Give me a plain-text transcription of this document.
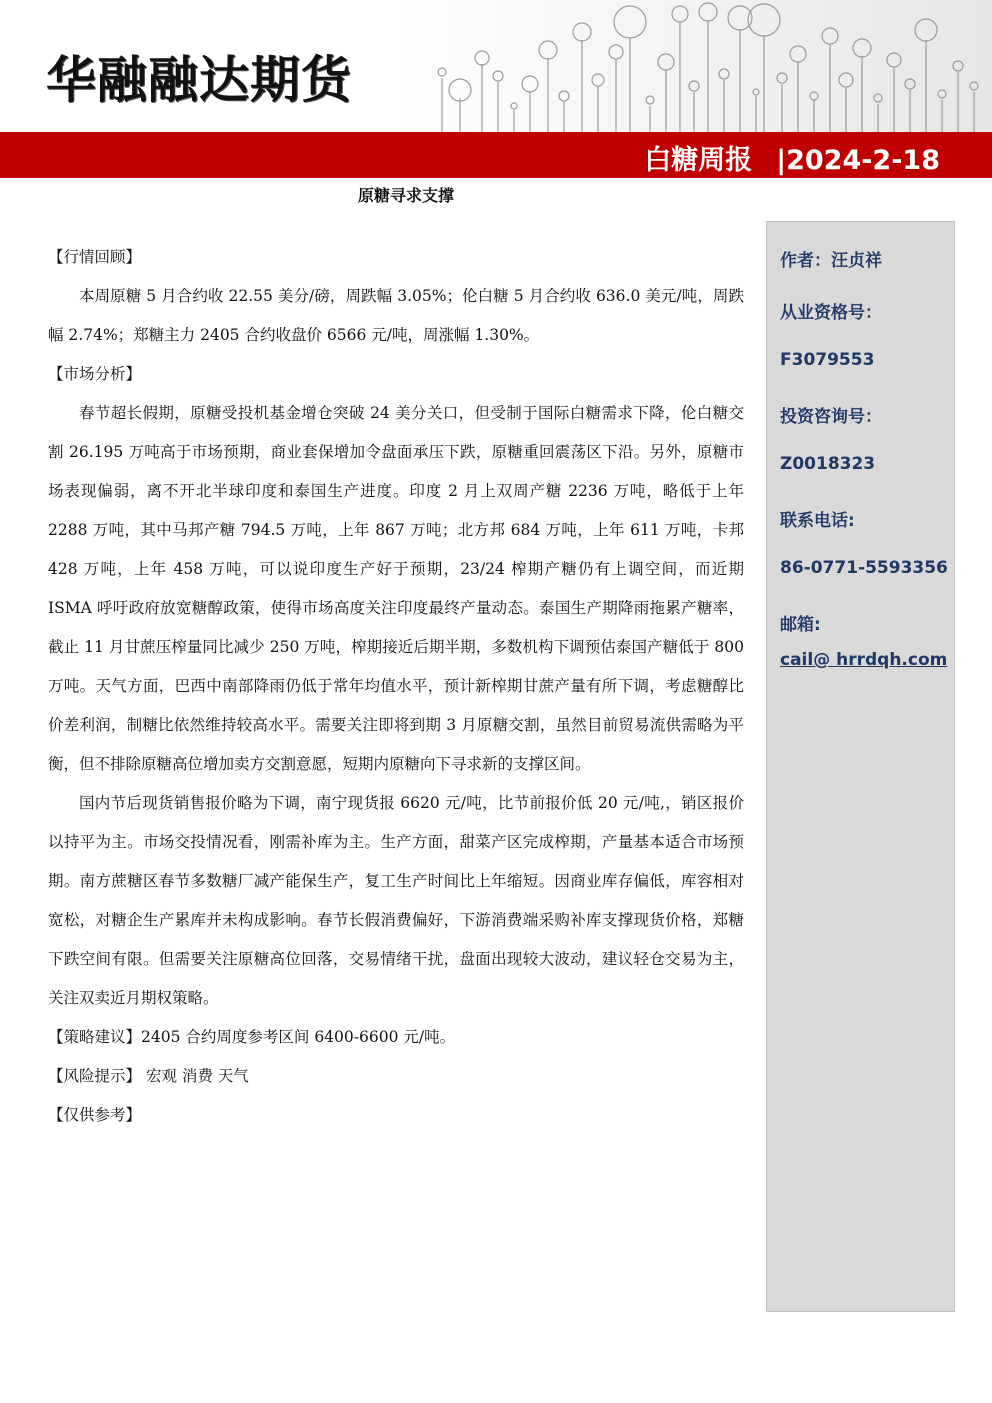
华融融达期货
白糖周报 |2024-2-18
原糖寻求支撑

【行情回顾】

本周原糖 5 月合约收 22.55 美分/磅，周跌幅 3.05%；伦白糖 5 月合约收 636.0 美元/吨，周跌幅 2.74%；郑糖主力 2405 合约收盘价 6566 元/吨，周涨幅 1.30%。

【市场分析】

春节超长假期，原糖受投机基金增仓突破 24 美分关口，但受制于国际白糖需求下降，伦白糖交割 26.195 万吨高于市场预期，商业套保增加令盘面承压下跌，原糖重回震荡区下沿。另外，原糖市场表现偏弱，离不开北半球印度和泰国生产进度。印度 2 月上双周产糖 2236 万吨，略低于上年 2288 万吨，其中马邦产糖 794.5 万吨，上年 867 万吨；北方邦 684 万吨，上年 611 万吨，卡邦 428 万吨，上年 458 万吨，可以说印度生产好于预期，23/24 榨期产糖仍有上调空间，而近期 ISMA 呼吁政府放宽糖醇政策，使得市场高度关注印度最终产量动态。泰国生产期降雨拖累产糖率，截止 11 月甘蔗压榨量同比减少 250 万吨，榨期接近后期半期，多数机构下调预估泰国产糖低于 800 万吨。天气方面，巴西中南部降雨仍低于常年均值水平，预计新榨期甘蔗产量有所下调，考虑糖醇比价差利润，制糖比依然维持较高水平。需要关注即将到期 3 月原糖交割，虽然目前贸易流供需略为平衡，但不排除原糖高位增加卖方交割意愿，短期内原糖向下寻求新的支撑区间。

国内节后现货销售报价略为下调，南宁现货报 6620 元/吨，比节前报价低 20 元/吨,，销区报价以持平为主。市场交投情况看，刚需补库为主。生产方面，甜菜产区完成榨期，产量基本适合市场预期。南方蔗糖区春节多数糖厂减产能保生产，复工生产时间比上年缩短。因商业库存偏低，库容相对宽松，对糖企生产累库并未构成影响。春节长假消费偏好，下游消费端采购补库支撑现货价格，郑糖下跌空间有限。但需要关注原糖高位回落，交易情绪干扰，盘面出现较大波动，建议轻仓交易为主，关注双卖近月期权策略。

【策略建议】2405 合约周度参考区间 6400-6600 元/吨。

【风险提示】 宏观 消费 天气

【仅供参考】

作者：汪贞祥
从业资格号：
F3079553
投资咨询号：
Z0018323
联系电话:
86-0771-5593356
邮箱:
cail@ hrrdqh.com
